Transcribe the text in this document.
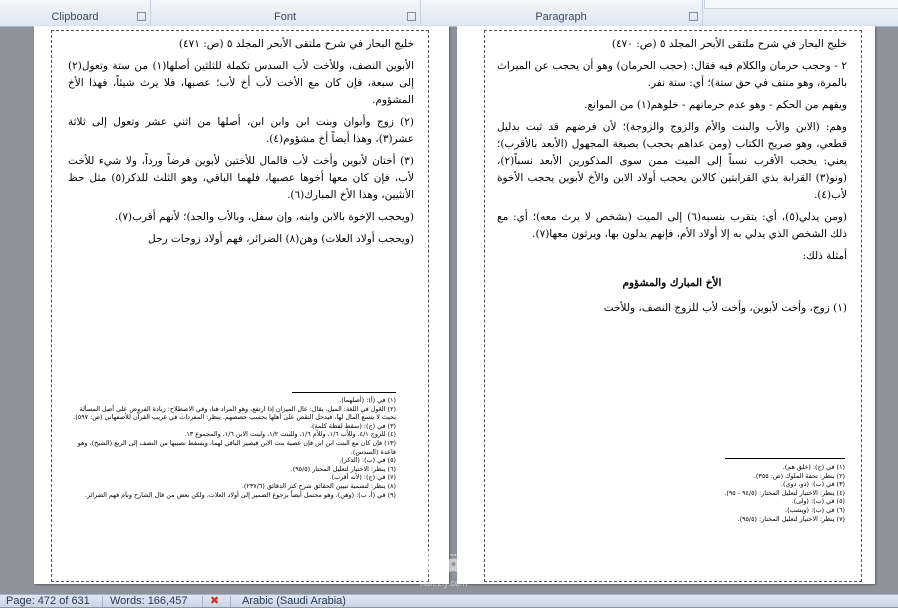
Clipboard	Font	Paragraph

خليج البحار في شرح ملتقى الأبحر المجلد ٥ (ص: ٤٧١)

الأبوين النصف، وللأخت لأب السدس تكملة للثلثين أصلها(١) من ستة وتعول(٢) إلى سبعة، فإن كان مع الأخت لأب أخ لأب؛ عصبها، فلا يرث شيئاً، فهذا الأخ المشؤوم.

(٢) زوج وأبوان وبنت ابن وابن ابن، أصلها من اثني عشر وتعول إلى ثلاثة عشر(٣)، وهذا أيضاً أخ مشؤوم(٤).

(٣) أختان لأبوين وأخت لأب فالمال للأختين لأبوين فرضاً ورداً، ولا شيء للأخت لأب، فإن كان معها أخوها عصبها، فلهما الباقي، وهو الثلث للذكر(٥) مثل حظ الأنثيين، وهذا الأخ المبارك(٦).

(ويحجب الإخوة بالابن وابنه، وإن سفل، وبالأب والجد)؛ لأنهم أقرب(٧).

(ويحجب أولاد العلات) وهن(٨) الضرائر، فهم أولاد زوجات رجل

(١) في (أ): (أصلهما).
(٢) العَول في اللغة: الميل، يقال: عال الميزان إذا ارتفع، وهو المراد هنا، وفي الاصطلاح: زيادة الفروض على أصل المسألة بحيث لا يتسع المال لها، فيدخل النقص على أهلها بحسب حصصهم. ينظر: المفردات في غريب القرآن للأصفهاني (ص: ٥٩٧).
(٣) في (ج): (سقط لفظة كلمة).
(٤) للزوج ٤/١، وللأب ١/٦، وللأم ١/٦، وللبنت ١/٢، ولبنت الابن ١/٦، والمجموع ١٣.
(١٣) فإن كان مع البنت ابن ابن فإن عصبة بنت الابن فيصير الباقي لهما، ويسقط نصيبها من النصف إلى الربع (الشيخ)، وهو قاعدة (السدس).
(٥) في (ب): (الذكر).
(٦) ينظر: الاختيار لتعليل المختار (٩٥/٥).
(٧) في (ج): (لأنه أقرب).
(٨) ينظر: لتسمية تبيين الحقائق شرح كنز الدقائق (٢٣٧/٦).
(٩) في (أ، ب): (وهن)، وهو محتمل أيضاً برجوع الضمير إلى أولاد العلات، ولكن بعض من قال الشارح وبأم فهم الضرائر.

خليج البحار في شرح ملتقى الأبحر المجلد ٥ (ص: ٤٧٠)

٢ - وحجب حرمان والكلام فيه فقال: (حجب الحرمان) وهو أن يحجب عن الميراث بالمرة، وهو منتف في حق ستة)؛ أي: ستة نفر.

ويفهم من الحكم - وهو عدم حرمانهم - خلوهم(١) من الموانع.

وهم: (الابن والأب والبنت والأم والزوج والزوجة)؛ لأن فرضهم قد ثبت بدليل قطعي، وهو صريح الكتاب (ومن عداهم يحجب) بصيغة المجهول (الأبعد بالأقرب)؛ يعني: يحجب الأقرب نسباً إلى الميت ممن سوى المذكورين الأبعد نسباً(٢)، (ونو(٣) القرابة بذي القرابتين كالابن يحجب أولاد الابن والأخ لأبوين يحجب الأخوة لأب(٤).

(ومن يدلي(٥)، أي: يتقرب بنسبه(٦) إلى الميت (بشخص لا يرث معه)؛ أي: مع ذلك الشخص الذي يدلي به إلا أولاد الأم، فإنهم يدلون بها، ويرثون معها(٧).

أمثلة ذلك:

الأخ المبارك والمشؤوم

(١) زوج، وأخت لأبوين، وأخت لأب للزوج النصف، وللأخت

(١) في (ج): (خلق هم).
(٢) ينظر: تحفة الملوك (ص: ٣٥٥).
(٣) في (ب): (ذو، ذوي).
(٤) ينظر: الاختيار لتعليل المختار: (٩٤/٥ - ٩٥).
(٥) في (ب): (ولى).
(٦) في (ب): (ويشب).
(٧) ينظر: الاختيار لتعليل المختار: (٩٥/٥).
نقـلي
nafezly.com
Page: 472 of 631 Words: 166,457 ✖ Arabic (Saudi Arabia)
